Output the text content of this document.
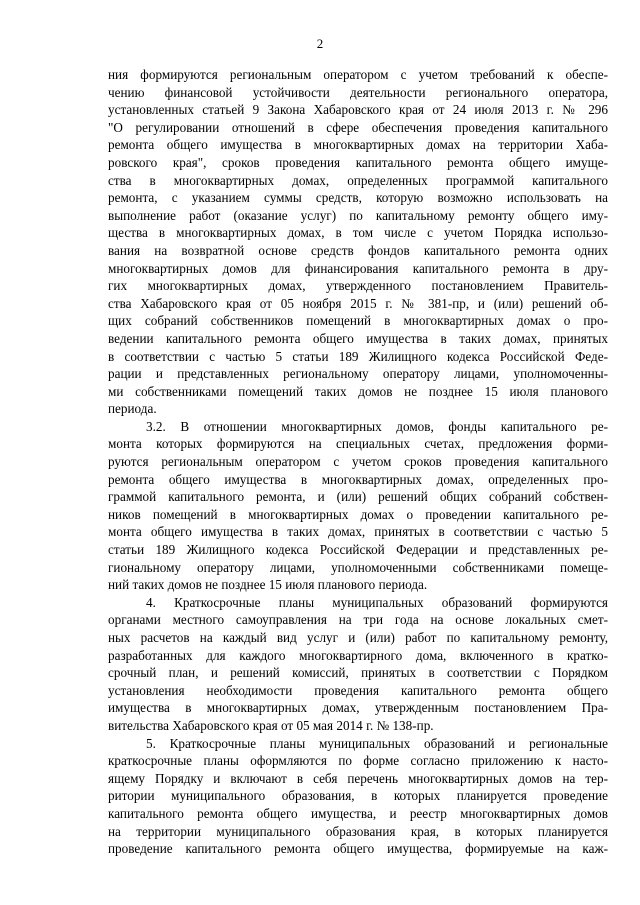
2
ния формируются региональным оператором с учетом требований к обеспе-
чению финансовой устойчивости деятельности регионального оператора,
установленных статьей 9 Закона Хабаровского края от 24 июля 2013 г. № 296
"О регулировании отношений в сфере обеспечения проведения капитального
ремонта общего имущества в многоквартирных домах на территории Хаба-
ровского края", сроков проведения капитального ремонта общего имуще-
ства в многоквартирных домах, определенных программой капитального
ремонта, с указанием суммы средств, которую возможно использовать на
выполнение работ (оказание услуг) по капитальному ремонту общего иму-
щества в многоквартирных домах, в том числе с учетом Порядка использо-
вания на возвратной основе средств фондов капитального ремонта одних
многоквартирных домов для финансирования капитального ремонта в дру-
гих многоквартирных домах, утвержденного постановлением Правитель-
ства Хабаровского края от 05 ноября 2015 г. № 381-пр, и (или) решений об-
щих собраний собственников помещений в многоквартирных домах о про-
ведении капитального ремонта общего имущества в таких домах, принятых
в соответствии с частью 5 статьи 189 Жилищного кодекса Российской Феде-
рации и представленных региональному оператору лицами, уполномоченны-
ми собственниками помещений таких домов не позднее 15 июля планового
периода.
3.2. В отношении многоквартирных домов, фонды капитального ре-
монта которых формируются на специальных счетах, предложения форми-
руются региональным оператором с учетом сроков проведения капитального
ремонта общего имущества в многоквартирных домах, определенных про-
граммой капитального ремонта, и (или) решений общих собраний собствен-
ников помещений в многоквартирных домах о проведении капитального ре-
монта общего имущества в таких домах, принятых в соответствии с частью 5
статьи 189 Жилищного кодекса Российской Федерации и представленных ре-
гиональному оператору лицами, уполномоченными собственниками помеще-
ний таких домов не позднее 15 июля планового периода.
4. Краткосрочные планы муниципальных образований формируются
органами местного самоуправления на три года на основе локальных смет-
ных расчетов на каждый вид услуг и (или) работ по капитальному ремонту,
разработанных для каждого многоквартирного дома, включенного в кратко-
срочный план, и решений комиссий, принятых в соответствии с Порядком
установления необходимости проведения капитального ремонта общего
имущества в многоквартирных домах, утвержденным постановлением Пра-
вительства Хабаровского края от 05 мая 2014 г. № 138-пр.
5. Краткосрочные планы муниципальных образований и региональные
краткосрочные планы оформляются по форме согласно приложению к насто-
ящему Порядку и включают в себя перечень многоквартирных домов на тер-
ритории муниципального образования, в которых планируется проведение
капитального ремонта общего имущества, и реестр многоквартирных домов
на территории муниципального образования края, в которых планируется
проведение капитального ремонта общего имущества, формируемые на каж-
